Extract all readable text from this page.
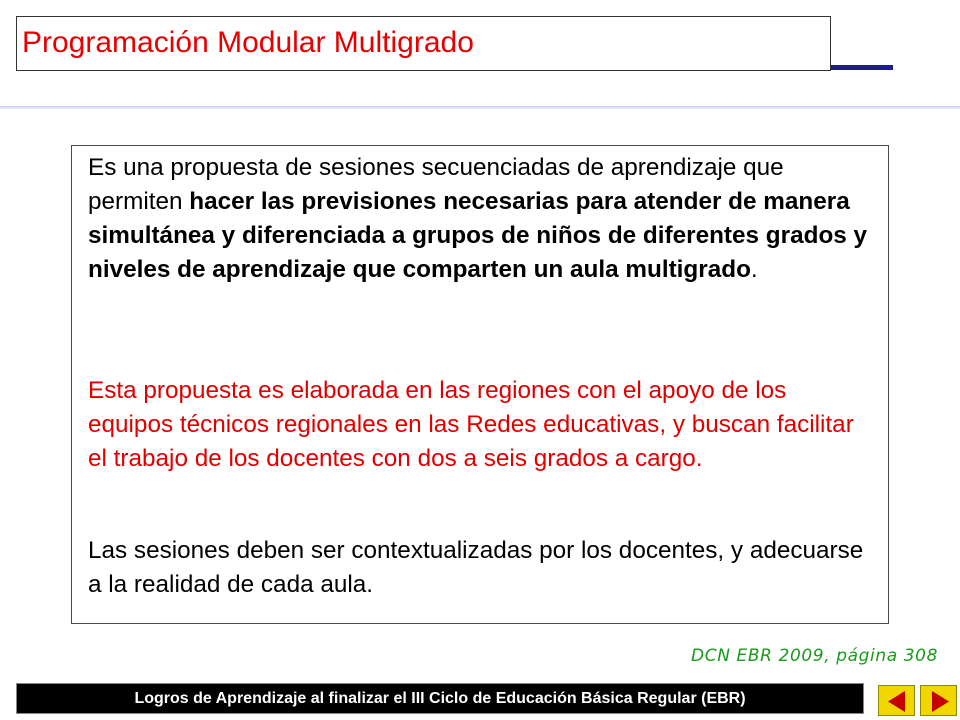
Programación Modular Multigrado

Es una propuesta de sesiones secuenciadas de aprendizaje que permiten hacer las previsiones necesarias para atender de manera simultánea y diferenciada a grupos de niños de diferentes grados y niveles de aprendizaje que comparten un aula multigrado.

Esta propuesta es elaborada en las regiones con el apoyo de los equipos técnicos regionales en las Redes educativas, y buscan facilitar el trabajo de los docentes con dos a seis grados a cargo.

Las sesiones deben ser contextualizadas por los docentes, y adecuarse a la realidad de cada aula.

DCN EBR 2009, página 308
Logros de Aprendizaje al finalizar el III Ciclo de Educación Básica Regular (EBR)
